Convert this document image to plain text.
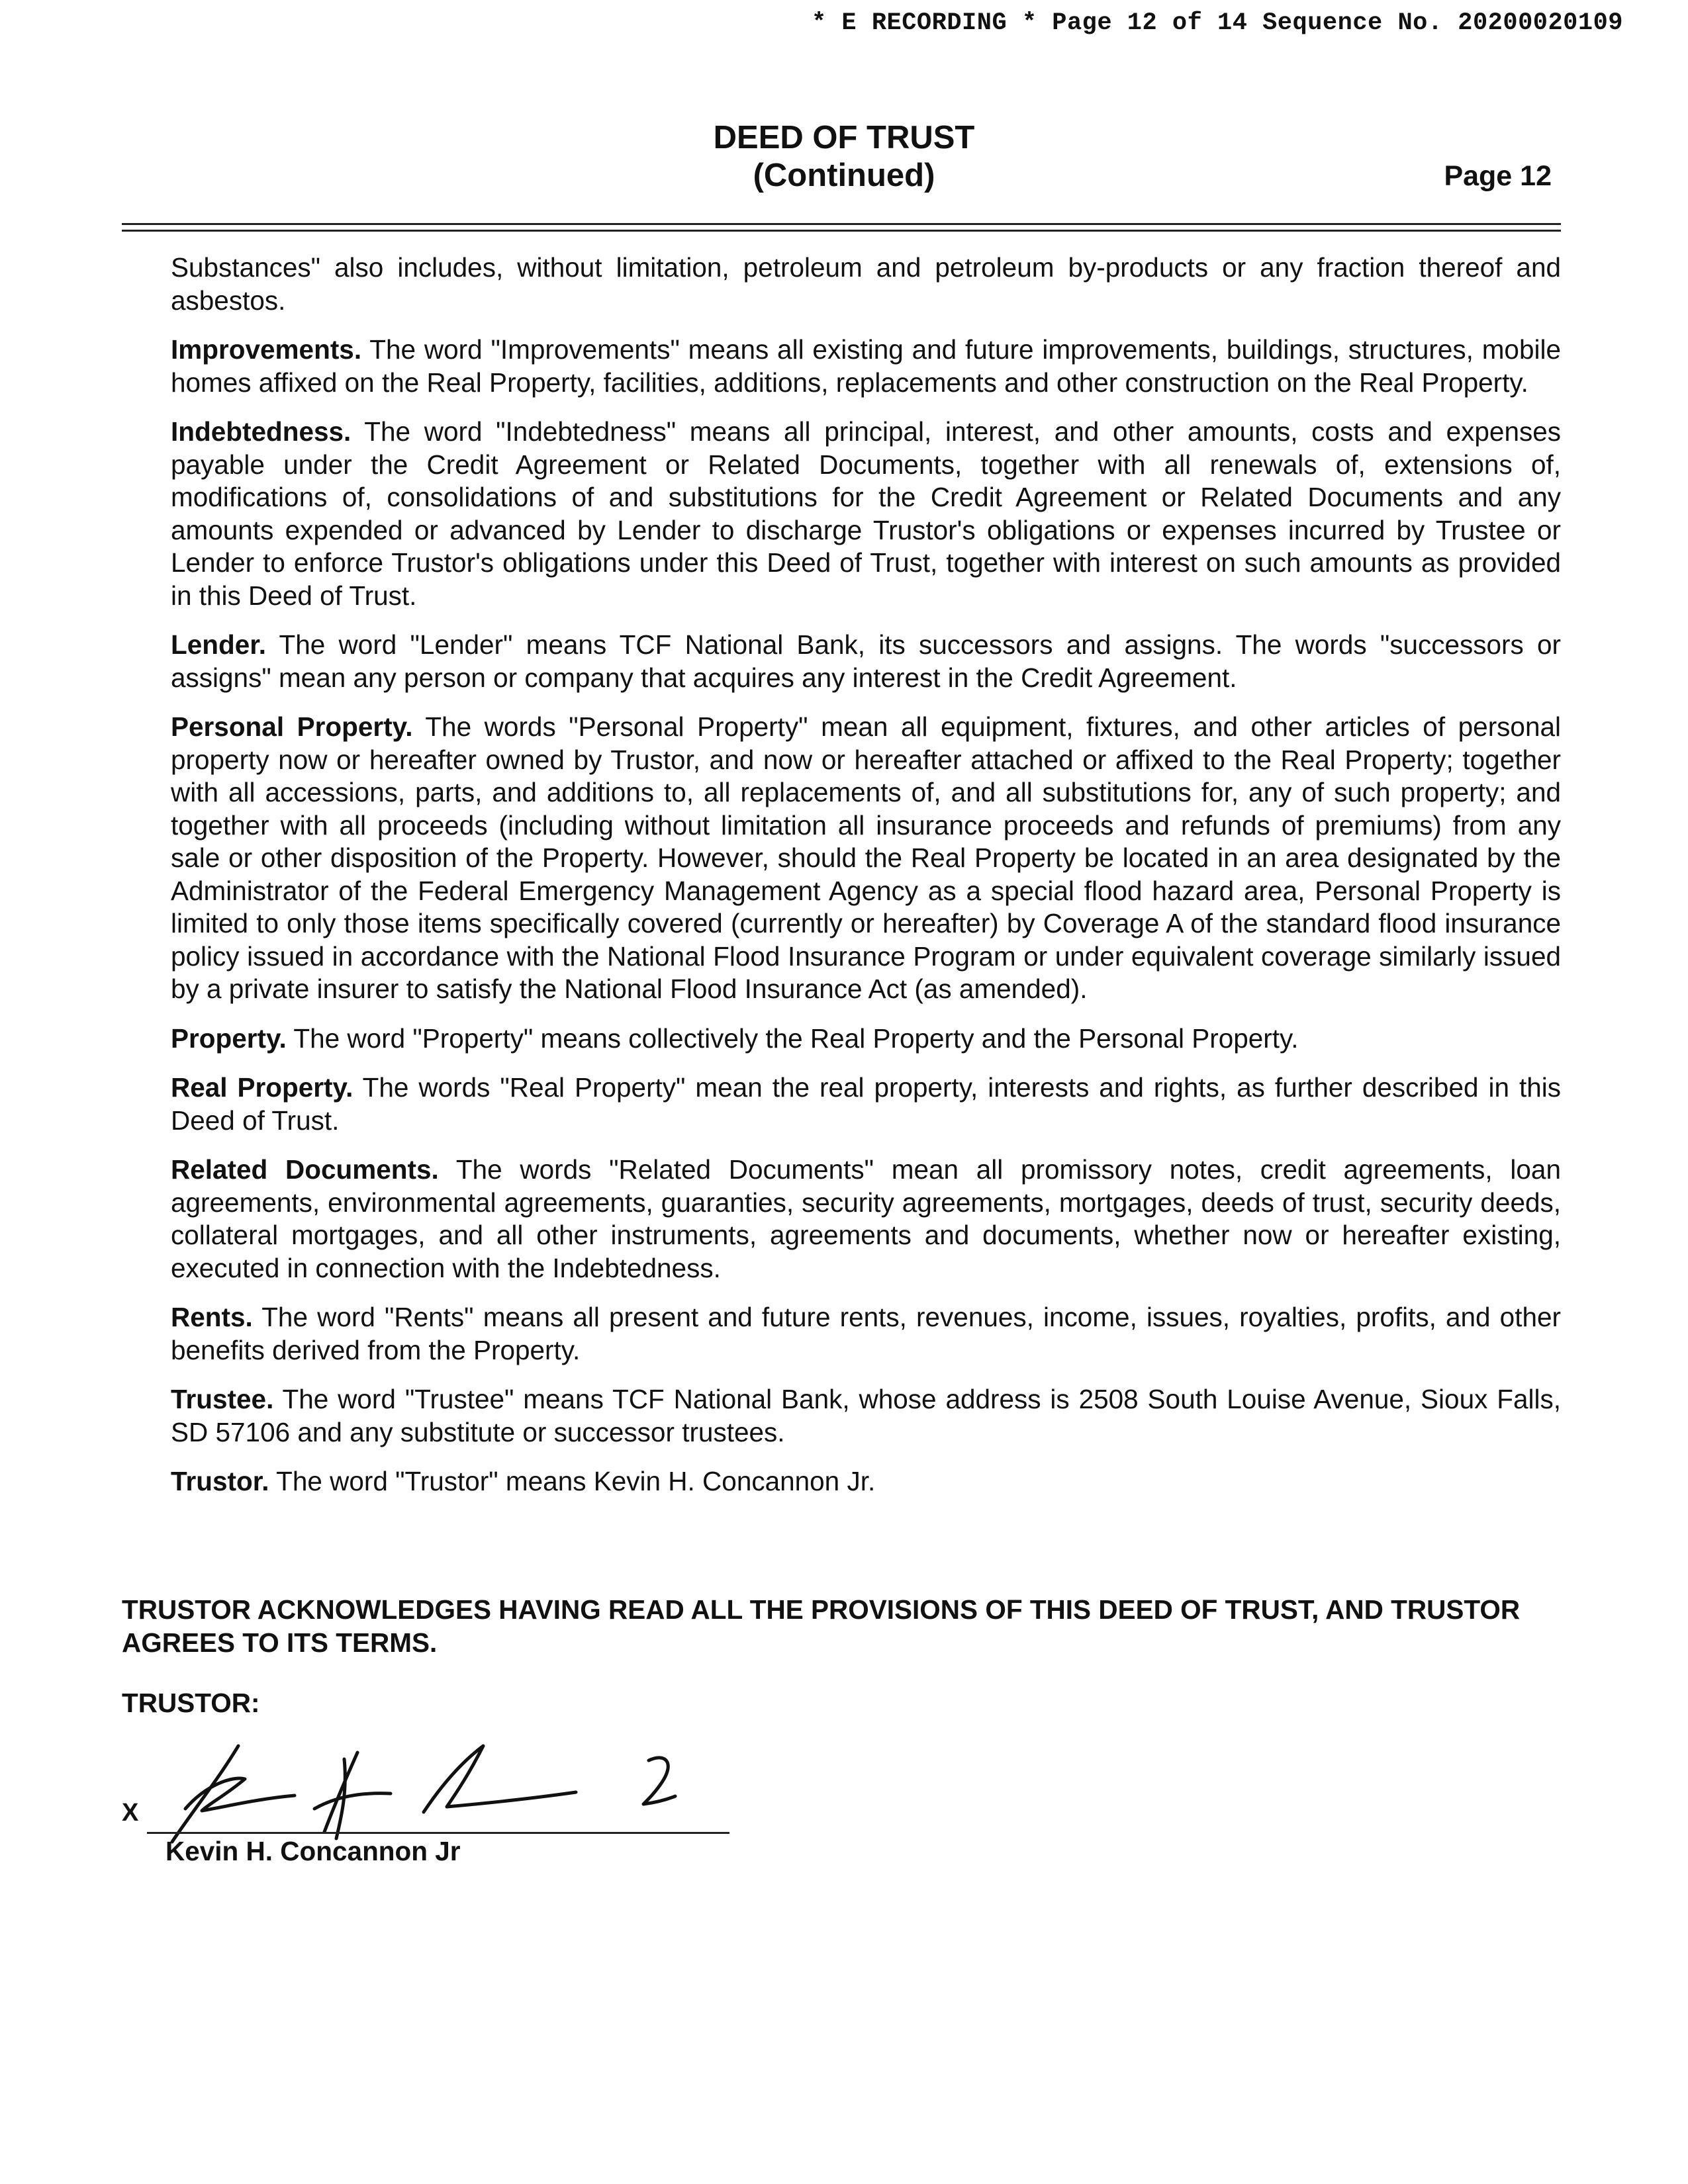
* E RECORDING * Page 12 of 14 Sequence No. 20200020109
DEED OF TRUST
(Continued)	Page 12

Substances" also includes, without limitation, petroleum and petroleum by-products or any fraction thereof and asbestos.

Improvements. The word "Improvements" means all existing and future improvements, buildings, structures, mobile homes affixed on the Real Property, facilities, additions, replacements and other construction on the Real Property.

Indebtedness. The word "Indebtedness" means all principal, interest, and other amounts, costs and expenses payable under the Credit Agreement or Related Documents, together with all renewals of, extensions of, modifications of, consolidations of and substitutions for the Credit Agreement or Related Documents and any amounts expended or advanced by Lender to discharge Trustor's obligations or expenses incurred by Trustee or Lender to enforce Trustor's obligations under this Deed of Trust, together with interest on such amounts as provided in this Deed of Trust.

Lender. The word "Lender" means TCF National Bank, its successors and assigns. The words "successors or assigns" mean any person or company that acquires any interest in the Credit Agreement.

Personal Property. The words "Personal Property" mean all equipment, fixtures, and other articles of personal property now or hereafter owned by Trustor, and now or hereafter attached or affixed to the Real Property; together with all accessions, parts, and additions to, all replacements of, and all substitutions for, any of such property; and together with all proceeds (including without limitation all insurance proceeds and refunds of premiums) from any sale or other disposition of the Property. However, should the Real Property be located in an area designated by the Administrator of the Federal Emergency Management Agency as a special flood hazard area, Personal Property is limited to only those items specifically covered (currently or hereafter) by Coverage A of the standard flood insurance policy issued in accordance with the National Flood Insurance Program or under equivalent coverage similarly issued by a private insurer to satisfy the National Flood Insurance Act (as amended).

Property. The word "Property" means collectively the Real Property and the Personal Property.

Real Property. The words "Real Property" mean the real property, interests and rights, as further described in this Deed of Trust.

Related Documents. The words "Related Documents" mean all promissory notes, credit agreements, loan agreements, environmental agreements, guaranties, security agreements, mortgages, deeds of trust, security deeds, collateral mortgages, and all other instruments, agreements and documents, whether now or hereafter existing, executed in connection with the Indebtedness.

Rents. The word "Rents" means all present and future rents, revenues, income, issues, royalties, profits, and other benefits derived from the Property.

Trustee. The word "Trustee" means TCF National Bank, whose address is 2508 South Louise Avenue, Sioux Falls, SD 57106 and any substitute or successor trustees.

Trustor. The word "Trustor" means Kevin H. Concannon Jr.

TRUSTOR ACKNOWLEDGES HAVING READ ALL THE PROVISIONS OF THIS DEED OF TRUST, AND TRUSTOR AGREES TO ITS TERMS.
TRUSTOR:
X
Kevin H. Concannon Jr
